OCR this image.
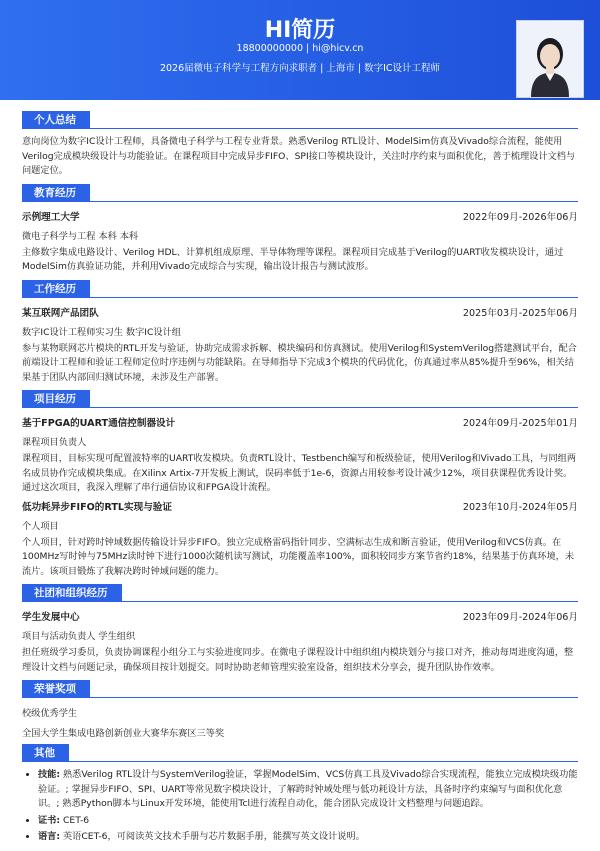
HI简历
18800000000 | hi@hicv.cn
2026届微电子科学与工程方向求职者 | 上海市 | 数字IC设计工程师
个人总结
意向岗位为数字IC设计工程师，具备微电子科学与工程专业背景。熟悉Verilog RTL设计、ModelSim仿真及Vivado综合流程，能使用Verilog完成模块级设计与功能验证。在课程项目中完成异步FIFO、SPI接口等模块设计，关注时序约束与面积优化，善于梳理设计文档与问题定位。
教育经历
示例理工大学	2022年09月-2026年06月
微电子科学与工程 本科 本科
主修数字集成电路设计、Verilog HDL、计算机组成原理、半导体物理等课程。课程项目完成基于Verilog的UART收发模块设计，通过ModelSim仿真验证功能，并利用Vivado完成综合与实现，输出设计报告与测试波形。
工作经历
某互联网产品团队	2025年03月-2025年06月
数字IC设计工程师实习生 数字IC设计组
参与某物联网芯片模块的RTL开发与验证，协助完成需求拆解、模块编码和仿真测试。使用Verilog和SystemVerilog搭建测试平台，配合前端设计工程师和验证工程师定位时序违例与功能缺陷。在导师指导下完成3个模块的代码优化，仿真通过率从85%提升至96%，相关结果基于团队内部回归测试环境，未涉及生产部署。
项目经历
基于FPGA的UART通信控制器设计	2024年09月-2025年01月
课程项目负责人
课程项目，目标实现可配置波特率的UART收发模块。负责RTL设计、Testbench编写和板级验证，使用Verilog和Vivado工具，与同组两名成员协作完成模块集成。在Xilinx Artix-7开发板上测试，误码率低于1e-6，资源占用较参考设计减少12%，项目获课程优秀设计奖。通过这次项目，我深入理解了串行通信协议和FPGA设计流程。
低功耗异步FIFO的RTL实现与验证	2023年10月-2024年05月
个人项目
个人项目，针对跨时钟域数据传输设计异步FIFO。独立完成格雷码指针同步、空满标志生成和断言验证，使用Verilog和VCS仿真。在100MHz写时钟与75MHz读时钟下进行1000次随机读写测试，功能覆盖率100%，面积较同步方案节省约18%，结果基于仿真环境，未流片。该项目锻炼了我解决跨时钟域问题的能力。
社团和组织经历
学生发展中心	2023年09月-2024年06月
项目与活动负责人 学生组织
担任班级学习委员，负责协调课程小组分工与实验进度同步。在微电子课程设计中组织组内模块划分与接口对齐，推动每周进度沟通，整理设计文档与问题记录，确保项目按计划提交。同时协助老师管理实验室设备，组织技术分享会，提升团队协作效率。
荣誉奖项
校级优秀学生
全国大学生集成电路创新创业大赛华东赛区三等奖
其他
• 技能: 熟悉Verilog RTL设计与SystemVerilog验证，掌握ModelSim、VCS仿真工具及Vivado综合实现流程，能独立完成模块级功能验证。; 掌握异步FIFO、SPI、UART等常见数字模块设计，了解跨时钟域处理与低功耗设计方法，具备时序约束编写与面积优化意识。; 熟悉Python脚本与Linux开发环境，能使用Tcl进行流程自动化，能合团队完成设计文档整理与问题追踪。
• 证书: CET-6
• 语言: 英语CET-6，可阅读英文技术手册与芯片数据手册，能撰写英文设计说明。
